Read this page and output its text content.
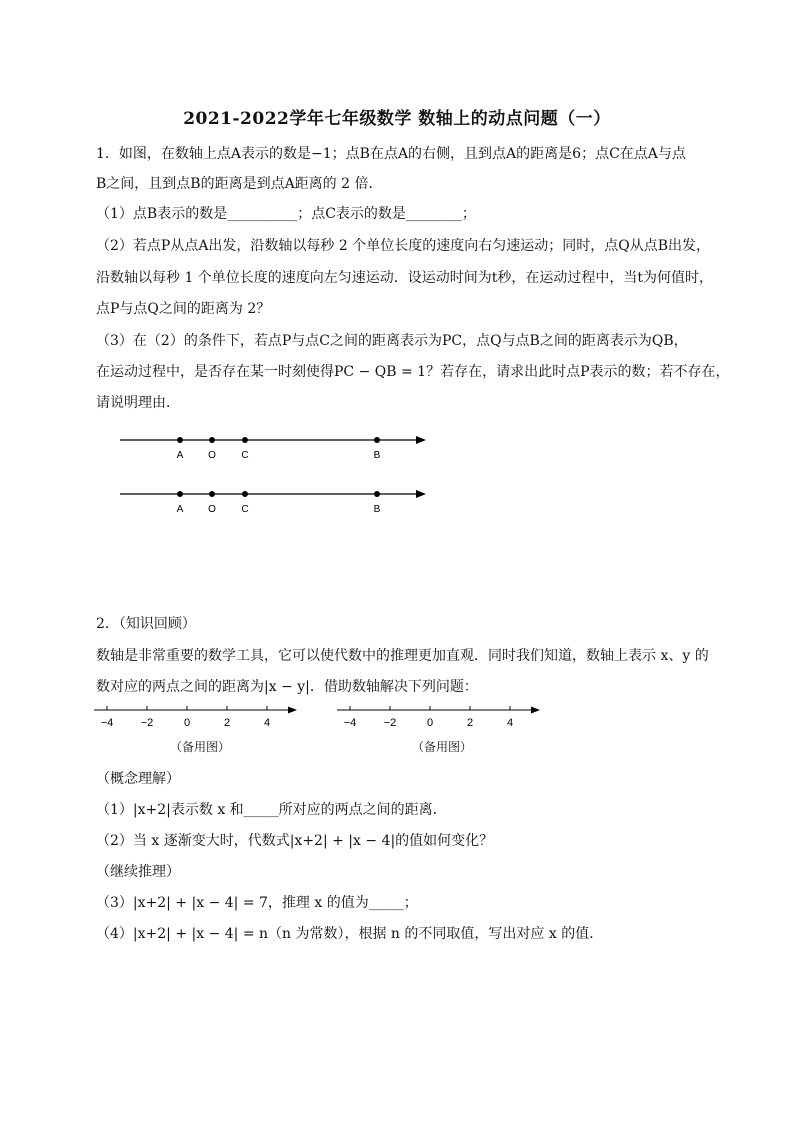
2021-2022学年七年级数学 数轴上的动点问题（一）
1．如图，在数轴上点A表示的数是−1；点B在点A的右侧，且到点A的距离是6；点C在点A与点
B之间，且到点B的距离是到点A距离的 2 倍．
（1）点B表示的数是__________；点C表示的数是________；
（2）若点P从点A出发，沿数轴以每秒 2 个单位长度的速度向右匀速运动；同时，点Q从点B出发，
沿数轴以每秒 1 个单位长度的速度向左匀速运动．设运动时间为t秒，在运动过程中，当t为何值时，
点P与点Q之间的距离为 2？
（3）在（2）的条件下，若点P与点C之间的距离表示为PC，点Q与点B之间的距离表示为QB，
在运动过程中，是否存在某一时刻使得PC − QB = 1？若存在，请求出此时点P表示的数；若不存在，
请说明理由．
A O	C	B
A O	C	B
2．（知识回顾）
数轴是非常重要的数学工具，它可以使代数中的推理更加直观．同时我们知道，数轴上表示 x、y 的
数对应的两点之间的距离为|x − y|．借助数轴解决下列问题：
−4 −2	0	2	4
（备用图）
−4 −2	0	2	4
（备用图）
（概念理解）
（1）|x+2|表示数 x 和_____所对应的两点之间的距离．
（2）当 x 逐渐变大时，代数式|x+2| + |x − 4|的值如何变化？
（继续推理）
（3）|x+2| + |x − 4| = 7，推理 x 的值为_____；
（4）|x+2| + |x − 4| = n（n 为常数），根据 n 的不同取值，写出对应 x 的值．
